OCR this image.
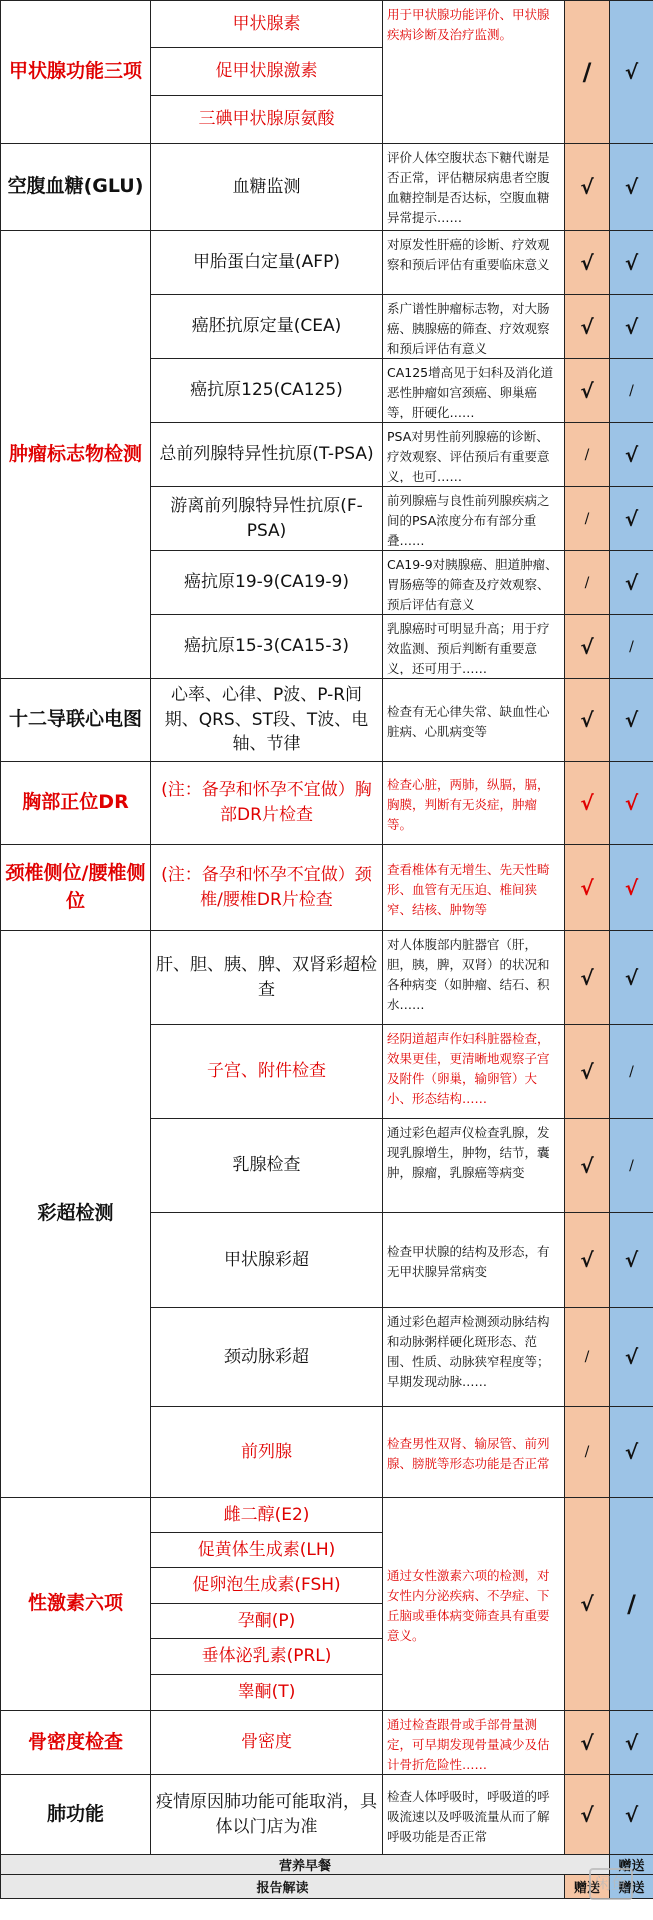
甲状腺功能三项	甲状腺素	用于甲状腺功能评价、甲状腺疾病诊断及治疗监测。	/	√
	促甲状腺激素			
	三碘甲状腺原氨酸			
空腹血糖(GLU)	血糖监测	评价人体空腹状态下糖代谢是否正常，评估糖尿病患者空腹血糖控制是否达标，空腹血糖异常提示……	√	√
肿瘤标志物检测	甲胎蛋白定量(AFP)	对原发性肝癌的诊断、疗效观察和预后评估有重要临床意义	√	√
	癌胚抗原定量(CEA)	系广谱性肿瘤标志物，对大肠癌、胰腺癌的筛查、疗效观察和预后评估有意义	√	√
	癌抗原125(CA125)	CA125增高见于妇科及消化道恶性肿瘤如宫颈癌、卵巢癌等，肝硬化……	√	/
	总前列腺特异性抗原(T-PSA)	PSA对男性前列腺癌的诊断、疗效观察、评估预后有重要意义，也可……	/	√
	游离前列腺特异性抗原(F-PSA)	前列腺癌与良性前列腺疾病之间的PSA浓度分布有部分重叠……	/	√
	癌抗原19-9(CA19-9)	CA19-9对胰腺癌、胆道肿瘤、胃肠癌等的筛查及疗效观察、预后评估有意义	/	√
	癌抗原15-3(CA15-3)	乳腺癌时可明显升高；用于疗效监测、预后判断有重要意义，还可用于……	√	/
十二导联心电图	心率、心律、P波、P-R间期、QRS、ST段、T波、电轴、节律	检查有无心律失常、缺血性心脏病、心肌病变等	√	√
胸部正位DR	(注：备孕和怀孕不宜做）胸部DR片检查	检查心脏，两肺，纵膈，膈，胸膜，判断有无炎症，肿瘤等。	√	√
颈椎侧位/腰椎侧位	(注：备孕和怀孕不宜做）颈椎/腰椎DR片检查	查看椎体有无增生、先天性畸形、血管有无压迫、椎间狭窄、结核、肿物等	√	√
彩超检测	肝、胆、胰、脾、双肾彩超检查	对人体腹部内脏器官（肝，胆，胰，脾，双肾）的状况和各种病变（如肿瘤、结石、积水……	√	√
	子宫、附件检查	经阴道超声作妇科脏器检查，效果更佳，更清晰地观察子宫及附件（卵巢，输卵管）大小、形态结构……	√	/
	乳腺检查	通过彩色超声仪检查乳腺，发现乳腺增生，肿物，结节，囊肿，腺瘤，乳腺癌等病变	√	/
	甲状腺彩超	检查甲状腺的结构及形态，有无甲状腺异常病变	√	√
	颈动脉彩超	通过彩色超声检测颈动脉结构和动脉粥样硬化斑形态、范围、性质、动脉狭窄程度等；早期发现动脉……	/	√
	前列腺	检查男性双肾、输尿管、前列腺、膀胱等形态功能是否正常	/	√
性激素六项	雌二醇(E2)	通过女性激素六项的检测，对女性内分泌疾病、不孕症、下丘脑或垂体病变筛查具有重要意义。	√	/
	促黄体生成素(LH)			
	促卵泡生成素(FSH)			
	孕酮(P)			
	垂体泌乳素(PRL)			
	睾酮(T)			
骨密度检查	骨密度	通过检查跟骨或手部骨量测定，可早期发现骨量减少及估计骨折危险性……	√	√
肺功能	疫情原因肺功能可能取消，具体以门店为准	检查人体呼吸时，呼吸道的呼吸流速以及呼吸流量从而了解呼吸功能是否正常	√	√
营养早餐				赠送
报告解读			赠送	赠送
闲鱼
